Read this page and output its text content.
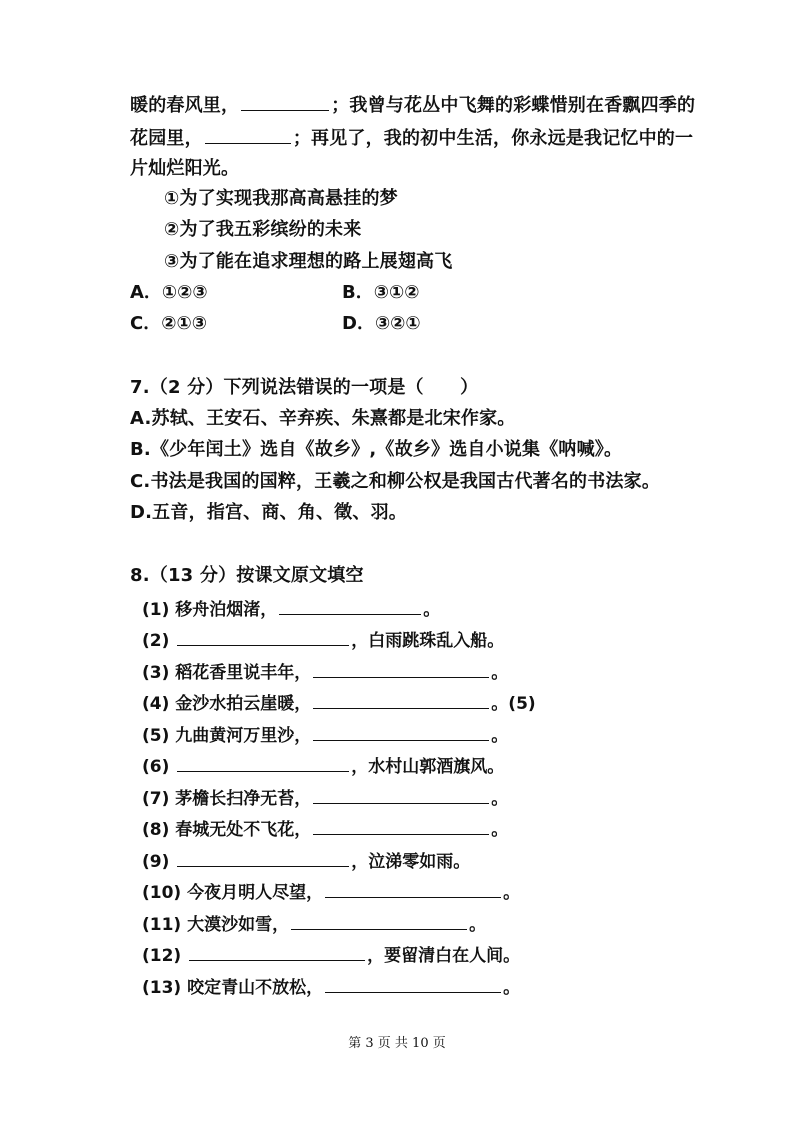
暖的春风里，	；我曾与花丛中飞舞的彩蝶惜别在香飘四季的
花园里，	；再见了，我的初中生活，你永远是我记忆中的一
片灿烂阳光。
①为了实现我那高高悬挂的梦
②为了我五彩缤纷的未来
③为了能在追求理想的路上展翅高飞
A．①②③	B．③①②
C．②①③	D．③②①
7.（2 分）下列说法错误的一项是（　　）
A.苏轼、王安石、辛弃疾、朱熹都是北宋作家。
B.《少年闰土》选自《故乡》,《故乡》选自小说集《呐喊》。
C.书法是我国的国粹，王羲之和柳公权是我国古代著名的书法家。
D.五音，指宫、商、角、徵、羽。
8.（13 分）按课文原文填空
(1) 移舟泊烟渚，	。
(2)	，白雨跳珠乱入船。
(3) 稻花香里说丰年，	。
(4) 金沙水拍云崖暖，	。(5)
(5) 九曲黄河万里沙，	。
(6)	，水村山郭酒旗风。
(7) 茅檐长扫净无苔，	。
(8) 春城无处不飞花，	。
(9)	，泣涕零如雨。
(10) 今夜月明人尽望，	。
(11) 大漠沙如雪，	。
(12)	，要留清白在人间。
(13) 咬定青山不放松，	。
第 3 页 共 10 页
